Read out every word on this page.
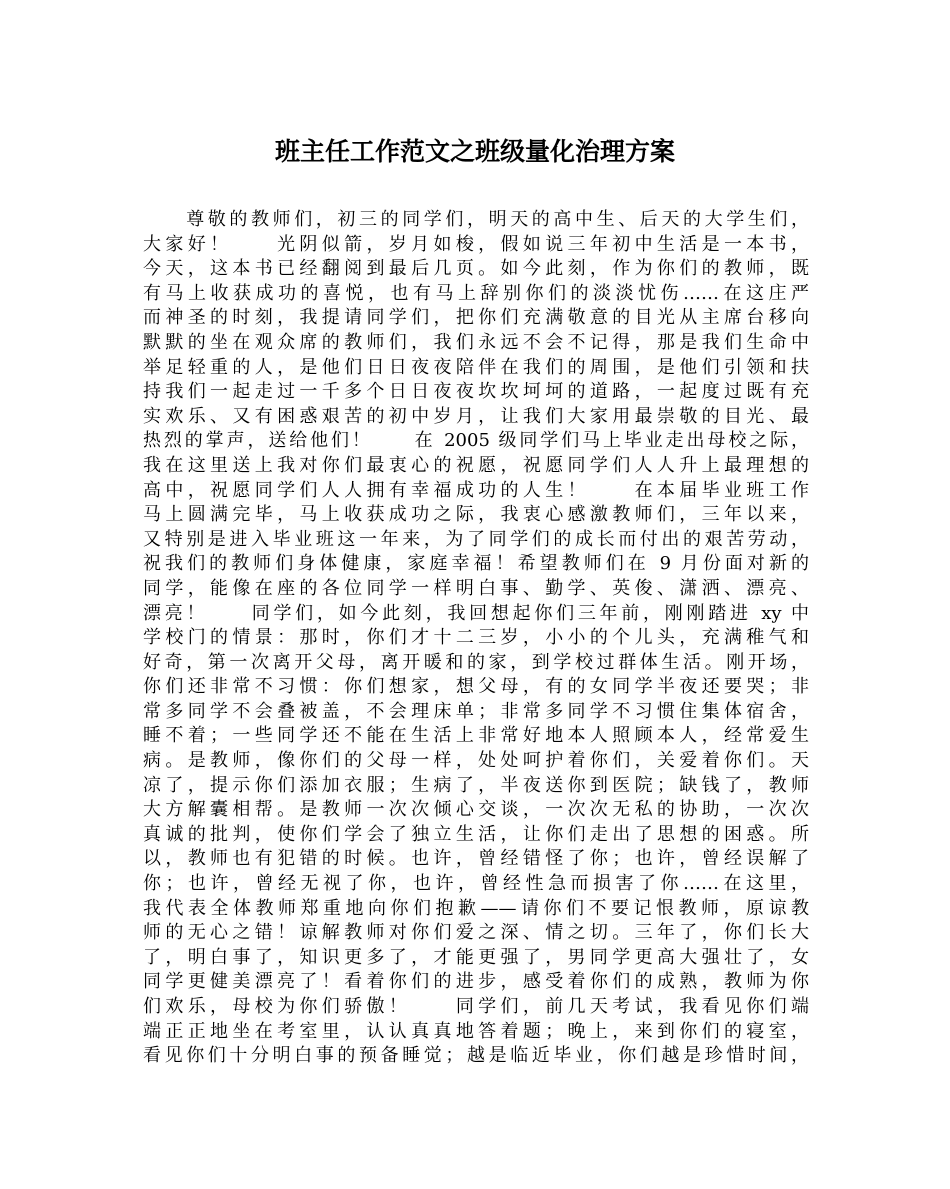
班主任工作范文之班级量化治理方案
　　尊敬的教师们，初三的同学们，明天的高中生、后天的大学生们，
大家好！　　光阴似箭，岁月如梭，假如说三年初中生活是一本书，
今天，这本书已经翻阅到最后几页。如今此刻，作为你们的教师，既
有马上收获成功的喜悦，也有马上辞别你们的淡淡忧伤……在这庄严
而神圣的时刻，我提请同学们，把你们充满敬意的目光从主席台移向
默默的坐在观众席的教师们，我们永远不会不记得，那是我们生命中
举足轻重的人，是他们日日夜夜陪伴在我们的周围，是他们引领和扶
持我们一起走过一千多个日日夜夜坎坎坷坷的道路，一起度过既有充
实欢乐、又有困惑艰苦的初中岁月，让我们大家用最崇敬的目光、最
热烈的掌声，送给他们！　　在 2005 级同学们马上毕业走出母校之际，
我在这里送上我对你们最衷心的祝愿，祝愿同学们人人升上最理想的
高中，祝愿同学们人人拥有幸福成功的人生！　　在本届毕业班工作
马上圆满完毕，马上收获成功之际，我衷心感激教师们，三年以来，
又特别是进入毕业班这一年来，为了同学们的成长而付出的艰苦劳动，
祝我们的教师们身体健康，家庭幸福！希望教师们在 9 月份面对新的
同学，能像在座的各位同学一样明白事、勤学、英俊、潇洒、漂亮、
漂亮！　　同学们，如今此刻，我回想起你们三年前，刚刚踏进 xy 中
学校门的情景：那时，你们才十二三岁，小小的个儿头，充满稚气和
好奇，第一次离开父母，离开暖和的家，到学校过群体生活。刚开场，
你们还非常不习惯：你们想家，想父母，有的女同学半夜还要哭；非
常多同学不会叠被盖，不会理床单；非常多同学不习惯住集体宿舍，
睡不着；一些同学还不能在生活上非常好地本人照顾本人，经常爱生
病。是教师，像你们的父母一样，处处呵护着你们，关爱着你们。天
凉了，提示你们添加衣服；生病了，半夜送你到医院；缺钱了，教师
大方解囊相帮。是教师一次次倾心交谈，一次次无私的协助，一次次
真诚的批判，使你们学会了独立生活，让你们走出了思想的困惑。所
以，教师也有犯错的时候。也许，曾经错怪了你；也许，曾经误解了
你；也许，曾经无视了你，也许，曾经性急而损害了你……在这里，
我代表全体教师郑重地向你们抱歉——请你们不要记恨教师，原谅教
师的无心之错！谅解教师对你们爱之深、情之切。三年了，你们长大
了，明白事了，知识更多了，才能更强了，男同学更高大强壮了，女
同学更健美漂亮了！看着你们的进步，感受着你们的成熟，教师为你
们欢乐，母校为你们骄傲！　　同学们，前几天考试，我看见你们端
端正正地坐在考室里，认认真真地答着题；晚上，来到你们的寝室，
看见你们十分明白事的预备睡觉；越是临近毕业，你们越是珍惜时间，
